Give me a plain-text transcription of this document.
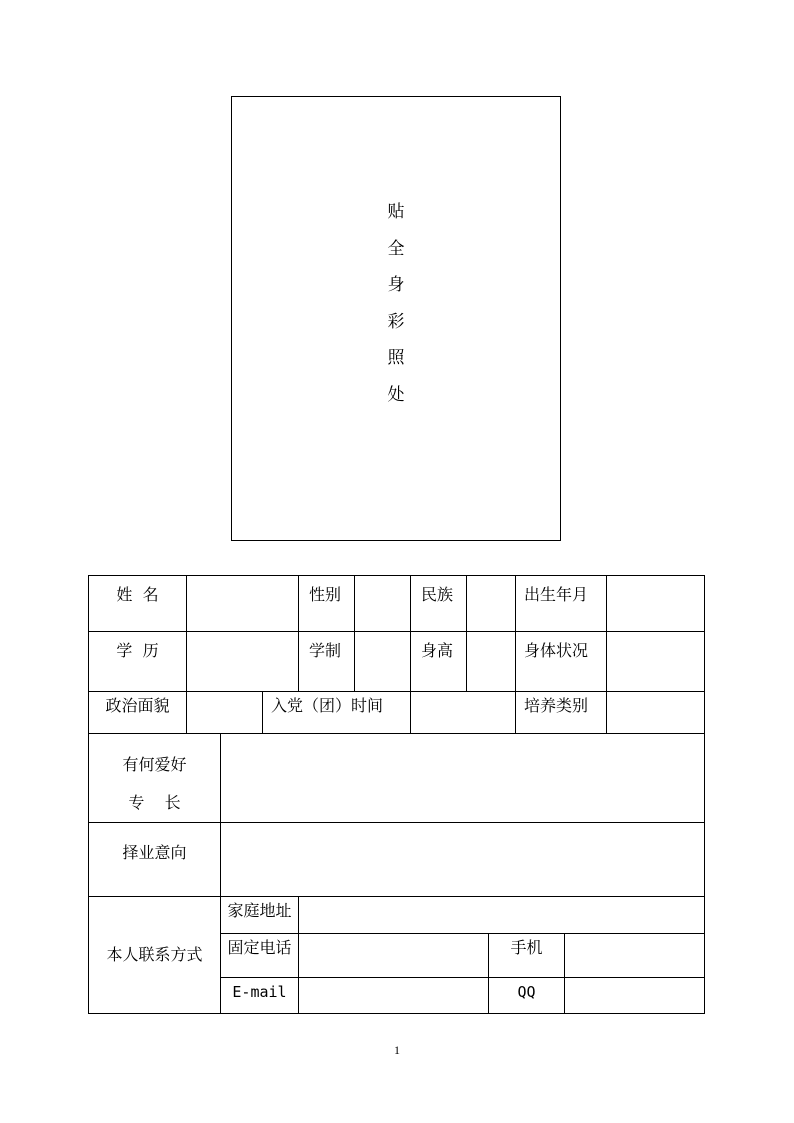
贴
全
身
彩
照
处
姓  名				性别		民族			出生年月		
学  历				学制		身高			身体状况		
政治面貌			入党（团）时间						培养类别		

有何爱好
专    长											

择业意向											
本人联系方式		家庭地址									
		固定电话						手机			
		E-mail						QQ			
1
